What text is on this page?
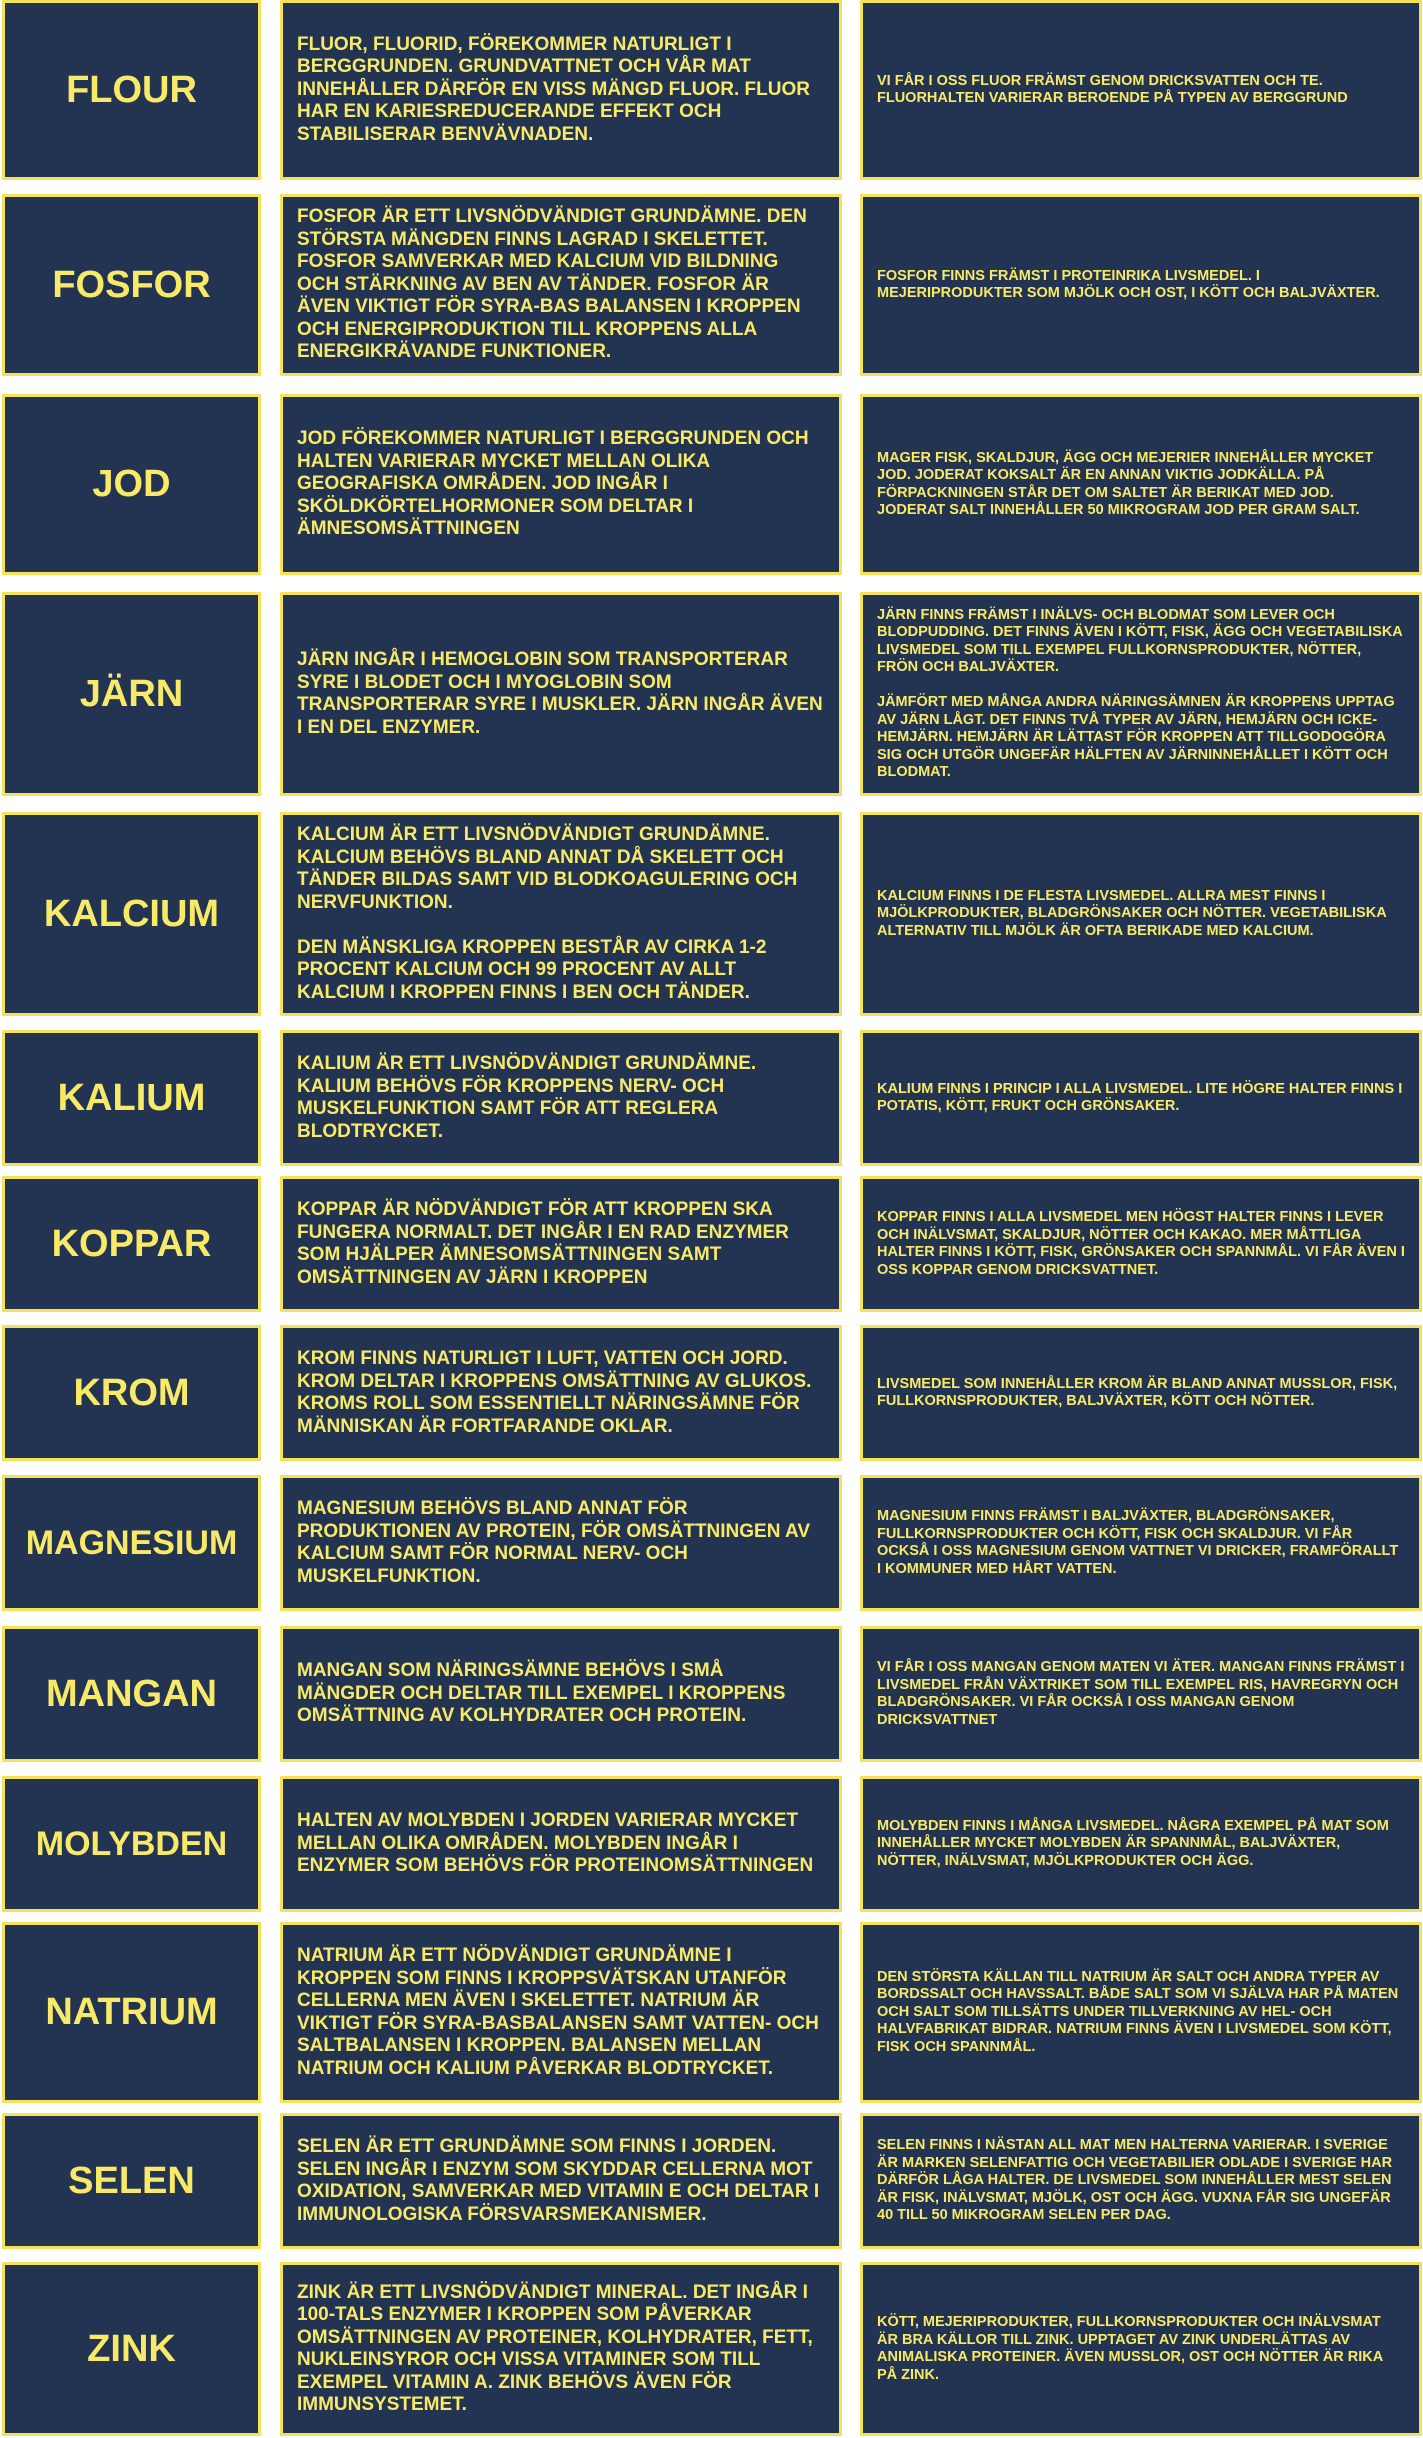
FLOUR
FLUOR, FLUORID, FÖREKOMMER NATURLIGT I BERGGRUNDEN. GRUNDVATTNET OCH VÅR MAT INNEHÅLLER DÄRFÖR EN VISS MÄNGD FLUOR. FLUOR HAR EN KARIESREDUCERANDE EFFEKT OCH STABILISERAR BENVÄVNADEN.
VI FÅR I OSS FLUOR FRÄMST GENOM DRICKSVATTEN OCH TE. FLUORHALTEN VARIERAR BEROENDE PÅ TYPEN AV BERGGRUND
FOSFOR
FOSFOR ÄR ETT LIVSNÖDVÄNDIGT GRUNDÄMNE. DEN STÖRSTA MÄNGDEN FINNS LAGRAD I SKELETTET. FOSFOR SAMVERKAR MED KALCIUM VID BILDNING OCH STÄRKNING AV BEN AV TÄNDER. FOSFOR ÄR ÄVEN VIKTIGT FÖR SYRA-BAS BALANSEN I KROPPEN OCH ENERGIPRODUKTION TILL KROPPENS ALLA ENERGIKRÄVANDE FUNKTIONER.
FOSFOR FINNS FRÄMST I PROTEINRIKA LIVSMEDEL. I MEJERIPRODUKTER SOM MJÖLK OCH OST, I KÖTT OCH BALJVÄXTER.
JOD
JOD FÖREKOMMER NATURLIGT I BERGGRUNDEN OCH HALTEN VARIERAR MYCKET MELLAN OLIKA GEOGRAFISKA OMRÅDEN. JOD INGÅR I SKÖLDKÖRTELHORMONER SOM DELTAR I ÄMNESOMSÄTTNINGEN
MAGER FISK, SKALDJUR, ÄGG OCH MEJERIER INNEHÅLLER MYCKET JOD. JODERAT KOKSALT ÄR EN ANNAN VIKTIG JODKÄLLA. PÅ FÖRPACKNINGEN STÅR DET OM SALTET ÄR BERIKAT MED JOD. JODERAT SALT INNEHÅLLER 50 MIKROGRAM JOD PER GRAM SALT.
JÄRN
JÄRN INGÅR I HEMOGLOBIN SOM TRANSPORTERAR SYRE I BLODET OCH I MYOGLOBIN SOM TRANSPORTERAR SYRE I MUSKLER. JÄRN INGÅR ÄVEN I EN DEL ENZYMER.
JÄRN FINNS FRÄMST I INÄLVS- OCH BLODMAT SOM LEVER OCH BLODPUDDING. DET FINNS ÄVEN I KÖTT, FISK, ÄGG OCH VEGETABILISKA LIVSMEDEL SOM TILL EXEMPEL FULLKORNSPRODUKTER, NÖTTER, FRÖN OCH BALJVÄXTER.

JÄMFÖRT MED MÅNGA ANDRA NÄRINGSÄMNEN ÄR KROPPENS UPPTAG AV JÄRN LÅGT. DET FINNS TVÅ TYPER AV JÄRN, HEMJÄRN OCH ICKE-HEMJÄRN. HEMJÄRN ÄR LÄTTAST FÖR KROPPEN ATT TILLGODOGÖRA SIG OCH UTGÖR UNGEFÄR HÄLFTEN AV JÄRNINNEHÅLLET I KÖTT OCH BLODMAT.
KALCIUM
KALCIUM ÄR ETT LIVSNÖDVÄNDIGT GRUNDÄMNE. KALCIUM BEHÖVS BLAND ANNAT DÅ SKELETT OCH TÄNDER BILDAS SAMT VID BLODKOAGULERING OCH NERVFUNKTION.

DEN MÄNSKLIGA KROPPEN BESTÅR AV CIRKA 1-2 PROCENT KALCIUM OCH 99 PROCENT AV ALLT KALCIUM I KROPPEN FINNS I BEN OCH TÄNDER.
KALCIUM FINNS I DE FLESTA LIVSMEDEL. ALLRA MEST FINNS I MJÖLKPRODUKTER, BLADGRÖNSAKER OCH NÖTTER. VEGETABILISKA ALTERNATIV TILL MJÖLK ÄR OFTA BERIKADE MED KALCIUM.
KALIUM
KALIUM ÄR ETT LIVSNÖDVÄNDIGT GRUNDÄMNE. KALIUM BEHÖVS FÖR KROPPENS NERV- OCH MUSKELFUNKTION SAMT FÖR ATT REGLERA BLODTRYCKET.
KALIUM FINNS I PRINCIP I ALLA LIVSMEDEL. LITE HÖGRE HALTER FINNS I POTATIS, KÖTT, FRUKT OCH GRÖNSAKER.
KOPPAR
KOPPAR ÄR NÖDVÄNDIGT FÖR ATT KROPPEN SKA FUNGERA NORMALT. DET INGÅR I EN RAD ENZYMER SOM HJÄLPER ÄMNESOMSÄTTNINGEN SAMT OMSÄTTNINGEN AV JÄRN I KROPPEN
KOPPAR FINNS I ALLA LIVSMEDEL MEN HÖGST HALTER FINNS I LEVER OCH INÄLVSMAT, SKALDJUR, NÖTTER OCH KAKAO. MER MÅTTLIGA HALTER FINNS I KÖTT, FISK, GRÖNSAKER OCH SPANNMÅL. VI FÅR ÄVEN I OSS KOPPAR GENOM DRICKSVATTNET.
KROM
KROM FINNS NATURLIGT I LUFT, VATTEN OCH JORD. KROM DELTAR I KROPPENS OMSÄTTNING AV GLUKOS. KROMS ROLL SOM ESSENTIELLT NÄRINGSÄMNE FÖR MÄNNISKAN ÄR FORTFARANDE OKLAR.
LIVSMEDEL SOM INNEHÅLLER KROM ÄR BLAND ANNAT MUSSLOR, FISK, FULLKORNSPRODUKTER, BALJVÄXTER, KÖTT OCH NÖTTER.
MAGNESIUM
MAGNESIUM BEHÖVS BLAND ANNAT FÖR PRODUKTIONEN AV PROTEIN, FÖR OMSÄTTNINGEN AV KALCIUM SAMT FÖR NORMAL NERV- OCH MUSKELFUNKTION.
MAGNESIUM FINNS FRÄMST I BALJVÄXTER, BLADGRÖNSAKER, FULLKORNSPRODUKTER OCH KÖTT, FISK OCH SKALDJUR. VI FÅR OCKSÅ I OSS MAGNESIUM GENOM VATTNET VI DRICKER, FRAMFÖRALLT I KOMMUNER MED HÅRT VATTEN.
MANGAN
MANGAN SOM NÄRINGSÄMNE BEHÖVS I SMÅ MÄNGDER OCH DELTAR TILL EXEMPEL I KROPPENS OMSÄTTNING AV KOLHYDRATER OCH PROTEIN.
VI FÅR I OSS MANGAN GENOM MATEN VI ÄTER. MANGAN FINNS FRÄMST I LIVSMEDEL FRÅN VÄXTRIKET SOM TILL EXEMPEL RIS, HAVREGRYN OCH BLADGRÖNSAKER. VI FÅR OCKSÅ I OSS MANGAN GENOM DRICKSVATTNET
MOLYBDEN
HALTEN AV MOLYBDEN I JORDEN VARIERAR MYCKET MELLAN OLIKA OMRÅDEN. MOLYBDEN INGÅR I ENZYMER SOM BEHÖVS FÖR PROTEINOMSÄTTNINGEN
MOLYBDEN FINNS I MÅNGA LIVSMEDEL. NÅGRA EXEMPEL PÅ MAT SOM INNEHÅLLER MYCKET MOLYBDEN ÄR SPANNMÅL, BALJVÄXTER, NÖTTER, INÄLVSMAT, MJÖLKPRODUKTER OCH ÄGG.
NATRIUM
NATRIUM ÄR ETT NÖDVÄNDIGT GRUNDÄMNE I KROPPEN SOM FINNS I KROPPSVÄTSKAN UTANFÖR CELLERNA MEN ÄVEN I SKELETTET. NATRIUM ÄR VIKTIGT FÖR SYRA-BASBALANSEN SAMT VATTEN- OCH SALTBALANSEN I KROPPEN. BALANSEN MELLAN NATRIUM OCH KALIUM PÅVERKAR BLODTRYCKET.
DEN STÖRSTA KÄLLAN TILL NATRIUM ÄR SALT OCH ANDRA TYPER AV BORDSSALT OCH HAVSSALT. BÅDE SALT SOM VI SJÄLVA HAR PÅ MATEN OCH SALT SOM TILLSÄTTS UNDER TILLVERKNING AV HEL- OCH HALVFABRIKAT BIDRAR. NATRIUM FINNS ÄVEN I LIVSMEDEL SOM KÖTT, FISK OCH SPANNMÅL.
SELEN
SELEN ÄR ETT GRUNDÄMNE SOM FINNS I JORDEN. SELEN INGÅR I ENZYM SOM SKYDDAR CELLERNA MOT OXIDATION, SAMVERKAR MED VITAMIN E OCH DELTAR I IMMUNOLOGISKA FÖRSVARSMEKANISMER.
SELEN FINNS I NÄSTAN ALL MAT MEN HALTERNA VARIERAR. I SVERIGE ÄR MARKEN SELENFATTIG OCH VEGETABILIER ODLADE I SVERIGE HAR DÄRFÖR LÅGA HALTER. DE LIVSMEDEL SOM INNEHÅLLER MEST SELEN ÄR FISK, INÄLVSMAT, MJÖLK, OST OCH ÄGG. VUXNA FÅR SIG UNGEFÄR 40 TILL 50 MIKROGRAM SELEN PER DAG.
ZINK
ZINK ÄR ETT LIVSNÖDVÄNDIGT MINERAL. DET INGÅR I 100-TALS ENZYMER I KROPPEN SOM PÅVERKAR OMSÄTTNINGEN AV PROTEINER, KOLHYDRATER, FETT, NUKLEINSYROR OCH VISSA VITAMINER SOM TILL EXEMPEL VITAMIN A. ZINK BEHÖVS ÄVEN FÖR IMMUNSYSTEMET.
KÖTT, MEJERIPRODUKTER, FULLKORNSPRODUKTER OCH INÄLVSMAT ÄR BRA KÄLLOR TILL ZINK. UPPTAGET AV ZINK UNDERLÄTTAS AV ANIMALISKA PROTEINER. ÄVEN MUSSLOR, OST OCH NÖTTER ÄR RIKA PÅ ZINK.
